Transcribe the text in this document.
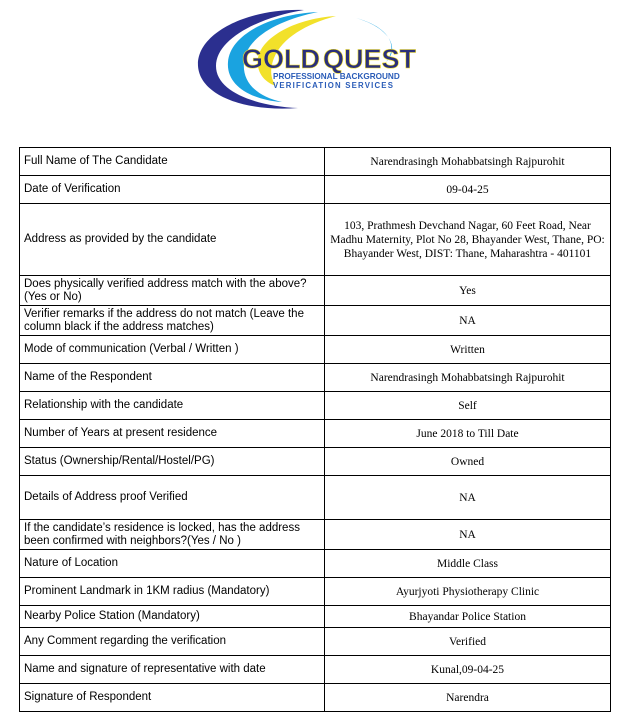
GOLD QUEST
PROFESSIONAL BACKGROUND
VERIFICATION SERVICES
Full Name of The Candidate	Narendrasingh Mohabbatsingh Rajpurohit
Date of Verification	09-04-25
Address as provided by the candidate	103, Prathmesh Devchand Nagar, 60 Feet Road, Near Madhu Maternity, Plot No 28, Bhayander West, Thane, PO: Bhayander West, DIST: Thane, Maharashtra - 401101
Does physically verified address match with the above? (Yes or No)	Yes
Verifier remarks if the address do not match (Leave the column black if the address matches)	NA
Mode of communication (Verbal / Written )	Written
Name of the Respondent	Narendrasingh Mohabbatsingh Rajpurohit
Relationship with the candidate	Self
Number of Years at present residence	June 2018 to Till Date
Status (Ownership/Rental/Hostel/PG)	Owned
Details of Address proof Verified	NA
If the candidate’s residence is locked, has the address been confirmed with neighbors?(Yes / No )	NA
Nature of Location	Middle Class
Prominent Landmark in 1KM radius (Mandatory)	Ayurjyoti Physiotherapy Clinic
Nearby Police Station (Mandatory)	Bhayandar Police Station
Any Comment regarding the verification	Verified
Name and signature of representative with date	Kunal,09-04-25
Signature of Respondent	Narendra
